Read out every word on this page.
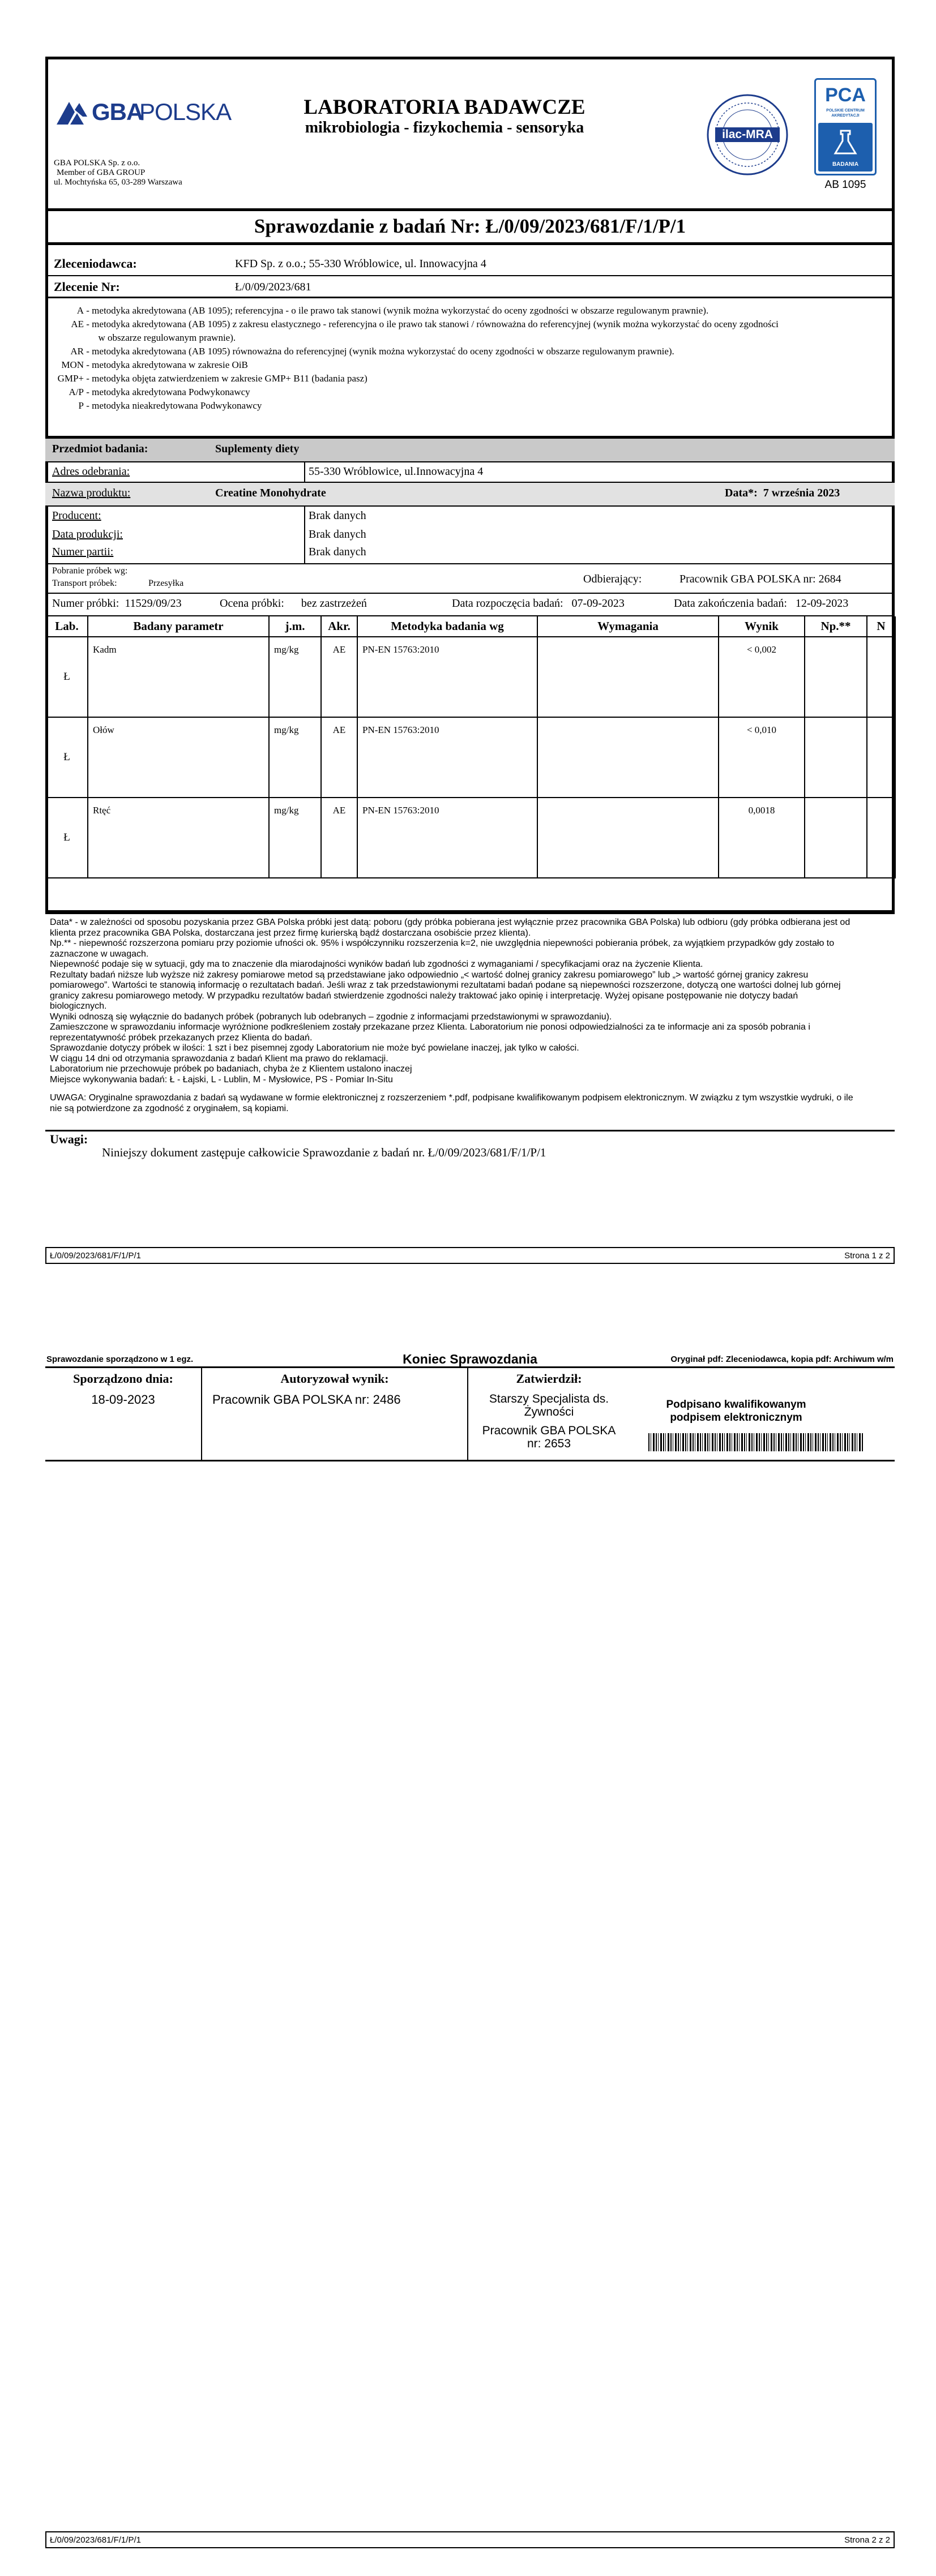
GBA
POLSKA
GBA POLSKA Sp. z o.o.
Member of GBA GROUP
ul. Mochtyńska 65, 03-289 Warszawa
LABORATORIA BADAWCZE
mikrobiologia - fizykochemia - sensoryka	ilac-MRA
PCA
POLSKIE CENTRUM AKREDYTACJI
BADANIA
AB 1095
Sprawozdanie z badań Nr: Ł/0/09/2023/681/F/1/P/1
Zleceniodawca:	KFD Sp. z o.o.; 55-330 Wróblowice, ul. Innowacyjna 4
Zlecenie Nr:	Ł/0/09/2023/681
A - metodyka akredytowana (AB 1095); referencyjna - o ile prawo tak stanowi (wynik można wykorzystać do oceny zgodności w obszarze regulowanym prawnie).
AE - metodyka akredytowana (AB 1095) z zakresu elastycznego - referencyjna o ile prawo tak stanowi / równoważna do referencyjnej (wynik można wykorzystać do oceny zgodności
w obszarze regulowanym prawnie).
AR - metodyka akredytowana (AB 1095) równoważna do referencyjnej (wynik można wykorzystać do oceny zgodności w obszarze regulowanym prawnie).
MON - metodyka akredytowana w zakresie OiB
GMP+ - metodyka objęta zatwierdzeniem w zakresie GMP+ B11 (badania pasz)
A/P - metodyka akredytowana Podwykonawcy
P - metodyka nieakredytowana Podwykonawcy
Przedmiot badania:	Suplementy diety
Adres odebrania:	55-330 Wróblowice, ul.Innowacyjna 4
Nazwa produktu:	Creatine Monohydrate	Data*: 7 września 2023
Producent:	Brak danych
Data produkcji:	Brak danych
Numer partii:	Brak danych
Pobranie próbek wg:
Transport próbek:	Przesyłka	Odbierający:	Pracownik GBA POLSKA nr: 2684
Numer próbki: 11529/09/23	Ocena próbki: bez zastrzeżeń	Data rozpoczęcia badań: 07-09-2023	Data zakończenia badań: 12-09-2023
Lab.	Badany parametr	j.m.	Akr.	Metodyka badania wg	Wymagania	Wynik	Np.**	N
Ł	Kadm	mg/kg	AE	PN-EN 15763:2010		< 0,002		
Ł	Ołów	mg/kg	AE	PN-EN 15763:2010		< 0,010		
Ł	Rtęć	mg/kg	AE	PN-EN 15763:2010		0,0018		
Data* - w zależności od sposobu pozyskania przez GBA Polska próbki jest datą: poboru (gdy próbka pobierana jest wyłącznie przez pracownika GBA Polska) lub odbioru (gdy próbka odbierana jest od
klienta przez pracownika GBA Polska, dostarczana jest przez firmę kurierską bądź dostarczana osobiście przez klienta).
Np.** - niepewność rozszerzona pomiaru przy poziomie ufności ok. 95% i współczynniku rozszerzenia k=2, nie uwzględnia niepewności pobierania próbek, za wyjątkiem przypadków gdy zostało to
zaznaczone w uwagach.
Niepewność podaje się w sytuacji, gdy ma to znaczenie dla miarodajności wyników badań lub zgodności z wymaganiami / specyfikacjami oraz na życzenie Klienta.
Rezultaty badań niższe lub wyższe niż zakresy pomiarowe metod są przedstawiane jako odpowiednio „< wartość dolnej granicy zakresu pomiarowego” lub „> wartość górnej granicy zakresu
pomiarowego”. Wartości te stanowią informację o rezultatach badań. Jeśli wraz z tak przedstawionymi rezultatami badań podane są niepewności rozszerzone, dotyczą one wartości dolnej lub górnej
granicy zakresu pomiarowego metody. W przypadku rezultatów badań stwierdzenie zgodności należy traktować jako opinię i interpretację. Wyżej opisane postępowanie nie dotyczy badań
biologicznych.
Wyniki odnoszą się wyłącznie do badanych próbek (pobranych lub odebranych – zgodnie z informacjami przedstawionymi w sprawozdaniu).
Zamieszczone w sprawozdaniu informacje wyróżnione podkreśleniem zostały przekazane przez Klienta. Laboratorium nie ponosi odpowiedzialności za te informacje ani za sposób pobrania i
reprezentatywność próbek przekazanych przez Klienta do badań.
Sprawozdanie dotyczy próbek w ilości: 1 szt i bez pisemnej zgody Laboratorium nie może być powielane inaczej, jak tylko w całości.
W ciągu 14 dni od otrzymania sprawozdania z badań Klient ma prawo do reklamacji.
Laboratorium nie przechowuje próbek po badaniach, chyba że z Klientem ustalono inaczej
Miejsce wykonywania badań: Ł - Łajski, L - Lublin, M - Mysłowice, PS - Pomiar In-Situ
UWAGA: Oryginalne sprawozdania z badań są wydawane w formie elektronicznej z rozszerzeniem *.pdf, podpisane kwalifikowanym podpisem elektronicznym. W związku z tym wszystkie wydruki, o ile
nie są potwierdzone za zgodność z oryginałem, są kopiami.
Uwagi:
Niniejszy dokument zastępuje całkowicie Sprawozdanie z badań nr. Ł/0/09/2023/681/F/1/P/1
Ł/0/09/2023/681/F/1/P/1	Strona 1 z 2
Sprawozdanie sporządzono w 1 egz.	Koniec Sprawozdania	Oryginał pdf: Zleceniodawca, kopia pdf: Archiwum w/m
Sporządzono dnia:
18-09-2023
Autoryzował wynik:
Pracownik GBA POLSKA nr: 2486
Zatwierdził:
Starszy Specjalista ds.
Żywności
Pracownik GBA POLSKA
nr: 2653
Podpisano kwalifikowanym podpisem elektronicznym
Ł/0/09/2023/681/F/1/P/1	Strona 2 z 2
